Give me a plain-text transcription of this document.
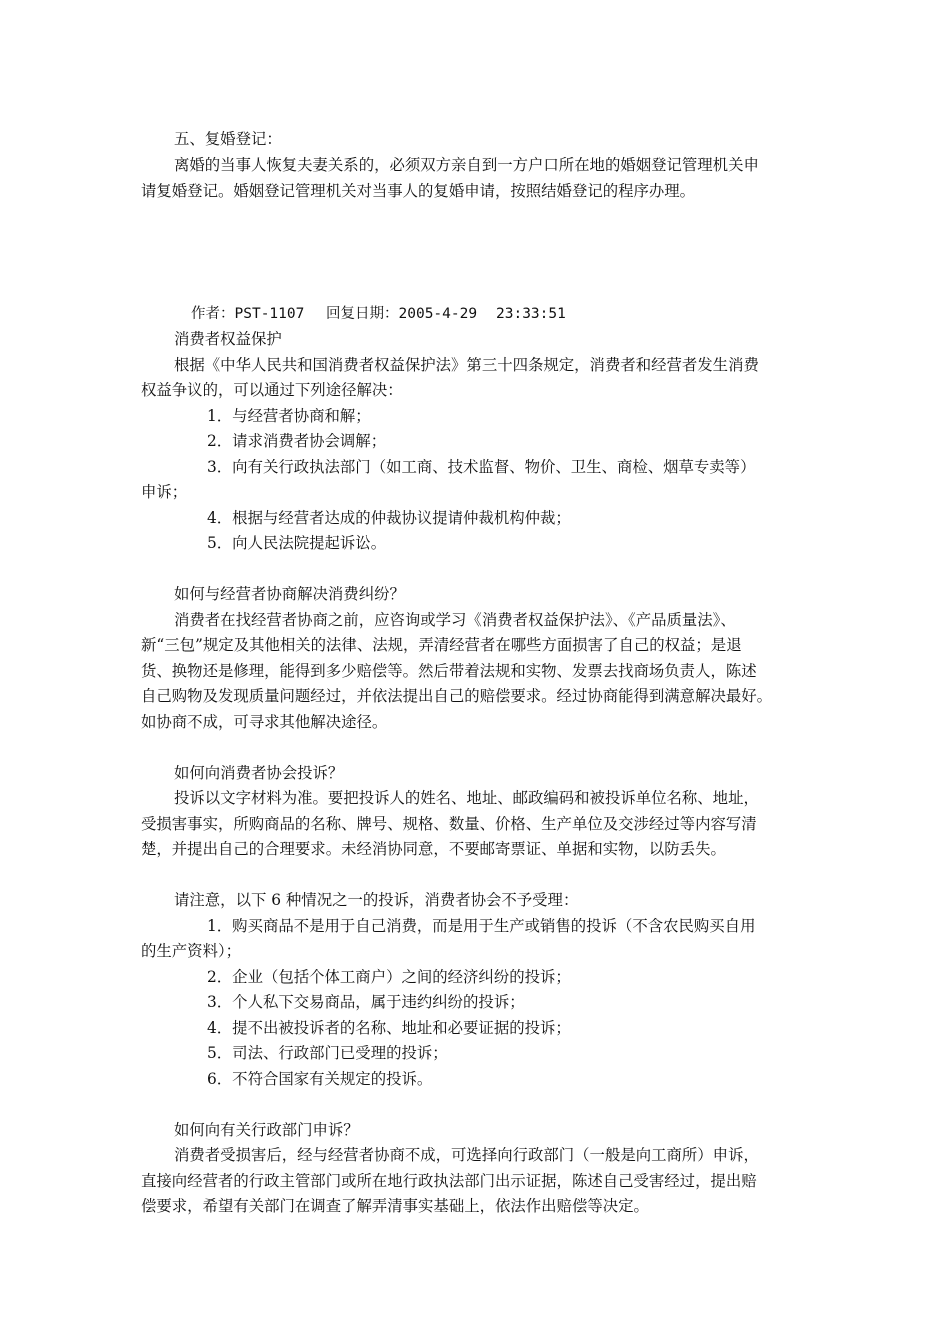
五、复婚登记：

离婚的当事人恢复夫妻关系的，必须双方亲自到一方户口所在地的婚姻登记管理机关申

请复婚登记。婚姻登记管理机关对当事人的复婚申请，按照结婚登记的程序办理。

作者：PST-1107 回复日期：2005-4-29 23:33:51

消费者权益保护

根据《中华人民共和国消费者权益保护法》第三十四条规定，消费者和经营者发生消费

权益争议的，可以通过下列途径解决：

1．与经营者协商和解；

2．请求消费者协会调解；

3．向有关行政执法部门（如工商、技术监督、物价、卫生、商检、烟草专卖等）

申诉；

4．根据与经营者达成的仲裁协议提请仲裁机构仲裁；

5．向人民法院提起诉讼。

如何与经营者协商解决消费纠纷？

消费者在找经营者协商之前，应咨询或学习《消费者权益保护法》、《产品质量法》、

新“三包”规定及其他相关的法律、法规，弄清经营者在哪些方面损害了自己的权益；是退

货、换物还是修理，能得到多少赔偿等。然后带着法规和实物、发票去找商场负责人，陈述

自己购物及发现质量问题经过，并依法提出自己的赔偿要求。经过协商能得到满意解决最好。

如协商不成，可寻求其他解决途径。

如何向消费者协会投诉？

投诉以文字材料为准。要把投诉人的姓名、地址、邮政编码和被投诉单位名称、地址，

受损害事实，所购商品的名称、牌号、规格、数量、价格、生产单位及交涉经过等内容写清

楚，并提出自己的合理要求。未经消协同意，不要邮寄票证、单据和实物，以防丢失。

请注意，以下 6 种情况之一的投诉，消费者协会不予受理：

1．购买商品不是用于自己消费，而是用于生产或销售的投诉（不含农民购买自用

的生产资料）；

2．企业（包括个体工商户）之间的经济纠纷的投诉；

3．个人私下交易商品，属于违约纠纷的投诉；

4．提不出被投诉者的名称、地址和必要证据的投诉；

5．司法、行政部门已受理的投诉；

6．不符合国家有关规定的投诉。

如何向有关行政部门申诉？

消费者受损害后，经与经营者协商不成，可选择向行政部门（一般是向工商所）申诉，

直接向经营者的行政主管部门或所在地行政执法部门出示证据，陈述自己受害经过，提出赔

偿要求，希望有关部门在调查了解弄清事实基础上，依法作出赔偿等决定。
